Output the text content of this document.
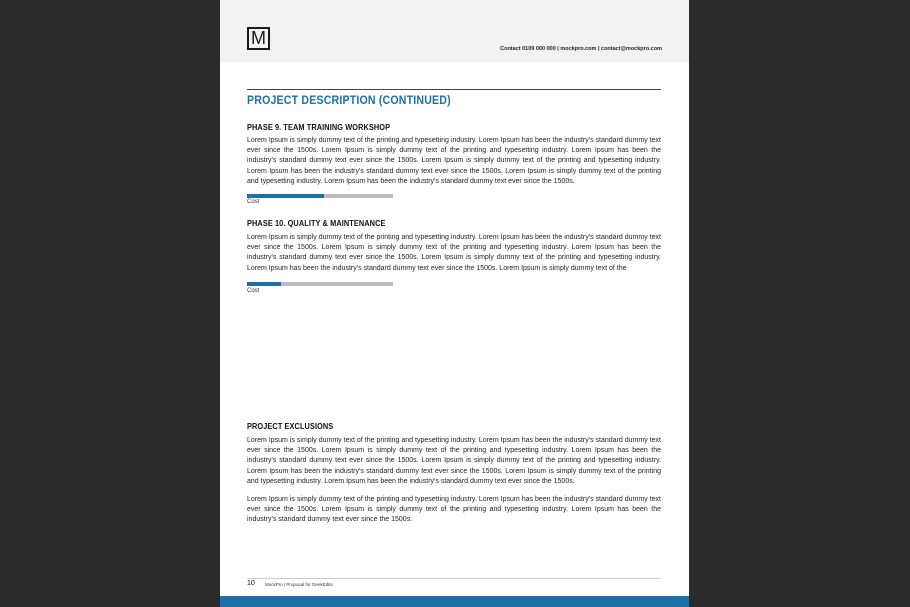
M
Contact 0109 000 000 | mockpro.com | contact@mockpro.com
PROJECT DESCRIPTION (CONTINUED)
PHASE 9. TEAM TRAINING WORKSHOP
Lorem Ipsum is simply dummy text of the printing and typesetting industry. Lorem Ipsum has been the industry's standard dummy text ever since the 1500s. Lorem Ipsum is simply dummy text of the printing and typesetting industry. Lorem Ipsum has been the industry's standard dummy text ever since the 1500s. Lorem Ipsum is simply dummy text of the printing and typesetting industry. Lorem Ipsum has been the industry's standard dummy text ever since the 1500s. Lorem Ipsum is simply dummy text of the printing and typesetting industry. Lorem Ipsum has been the industry's standard dummy text ever since the 1500s.
Cost
PHASE 10. QUALITY & MAINTENANCE
Lorem Ipsum is simply dummy text of the printing and typesetting industry. Lorem Ipsum has been the industry's standard dummy text ever since the 1500s. Lorem Ipsum is simply dummy text of the printing and typesetting industry. Lorem Ipsum has been the industry's standard dummy text ever since the 1500s. Lorem Ipsum is simply dummy text of the printing and typesetting industry. Lorem Ipsum has been the industry's standard dummy text ever since the 1500s. Lorem Ipsum is simply dummy text of the
Cost
PROJECT EXCLUSIONS
Lorem Ipsum is simply dummy text of the printing and typesetting industry. Lorem Ipsum has been the industry's standard dummy text ever since the 1500s. Lorem Ipsum is simply dummy text of the printing and typesetting industry. Lorem Ipsum has been the industry's standard dummy text ever since the 1500s. Lorem Ipsum is simply dummy text of the printing and typesetting industry. Lorem Ipsum has been the industry's standard dummy text ever since the 1500s. Lorem Ipsum is simply dummy text of the printing and typesetting industry. Lorem Ipsum has been the industry's standard dummy text ever since the 1500s.
Lorem Ipsum is simply dummy text of the printing and typesetting industry. Lorem Ipsum has been the industry's standard dummy text ever since the 1500s. Lorem Ipsum is simply dummy text of the printing and typesetting industry. Lorem Ipsum has been the industry's standard dummy text ever since the 1500s.
10 MockPro | Proposal for GeekEdits
